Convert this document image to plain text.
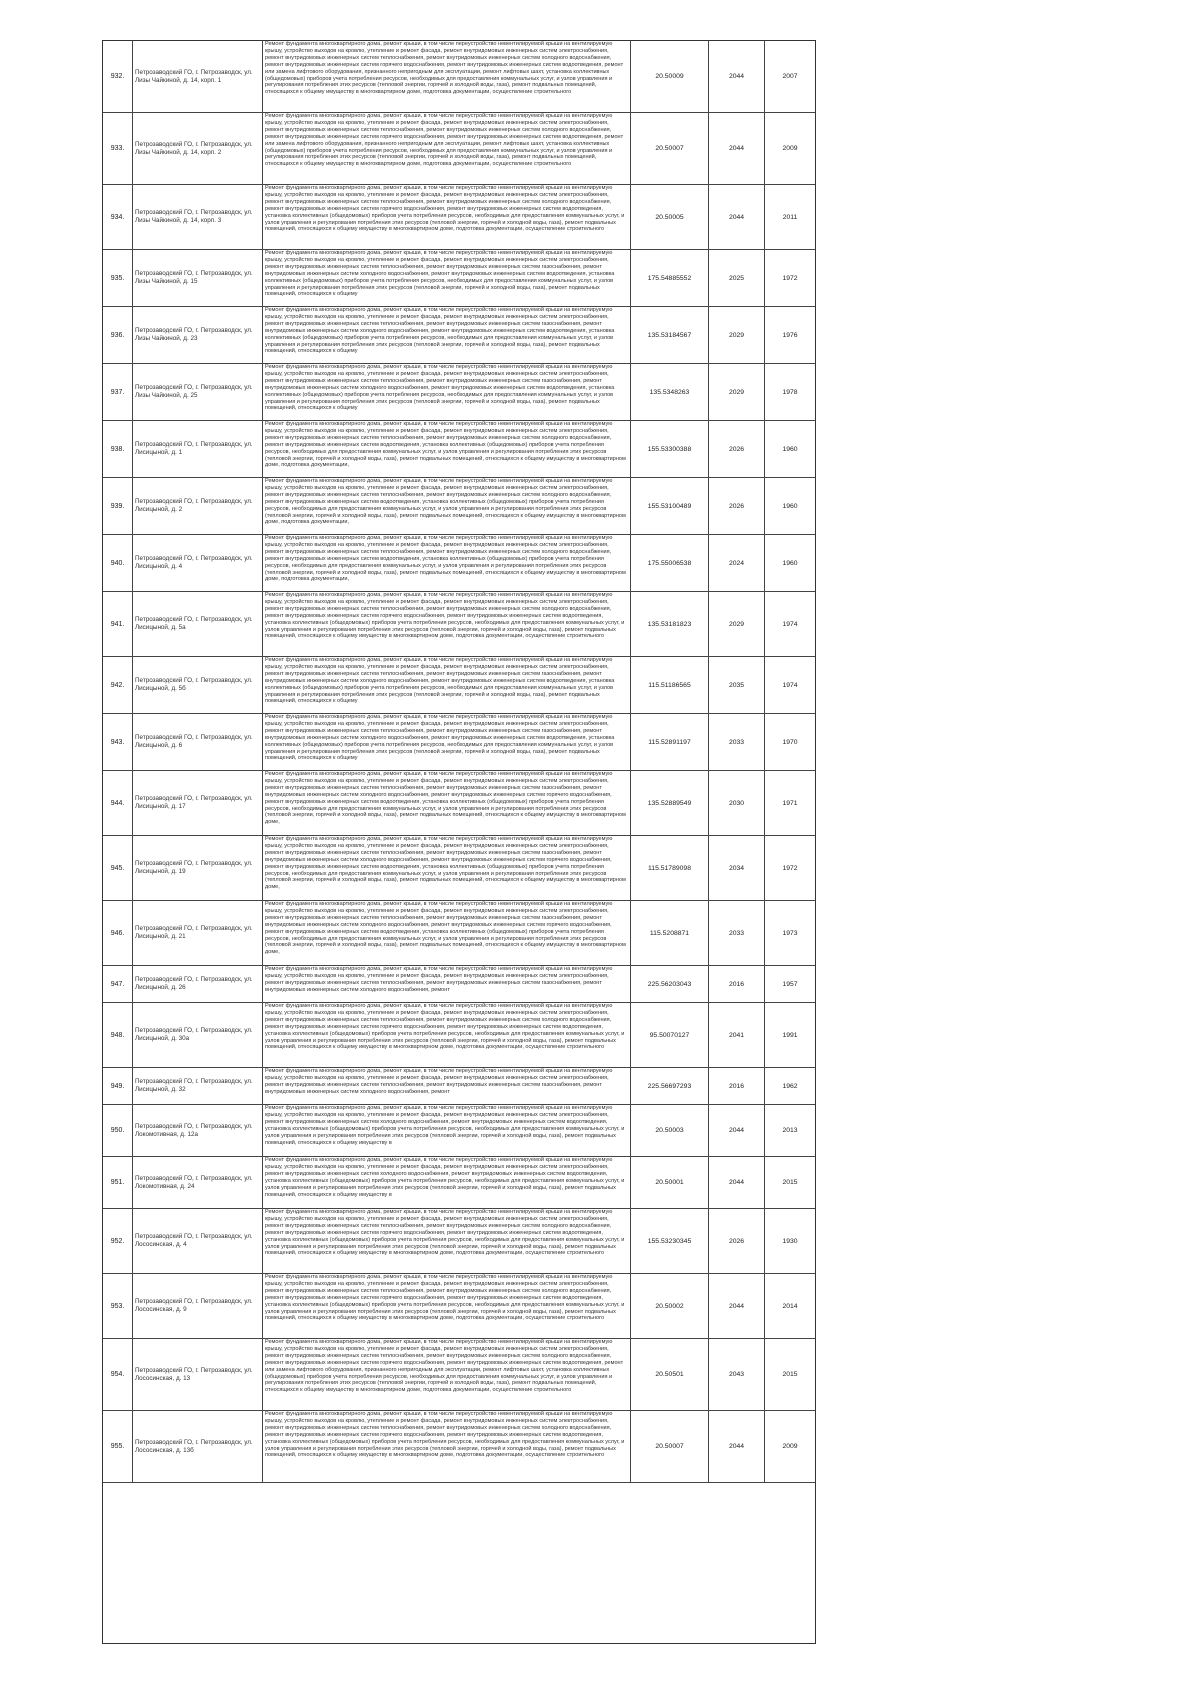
932.
Петрозаводский ГО, г. Петрозаводск, ул. Лизы Чайкиной, д. 14, корп. 1
Ремонт фундамента многоквартирного дома, ремонт крыши, в том числе переустройство невентилируемой крыши на вентилируемую крышу, устройство выходов на кровлю, утепление и ремонт фасада, ремонт внутридомовых инженерных систем электроснабжения, ремонт внутридомовых инженерных систем теплоснабжения, ремонт внутридомовых инженерных систем холодного водоснабжения, ремонт внутридомовых инженерных систем горячего водоснабжения, ремонт внутридомовых инженерных систем водоотведения, ремонт или замена лифтового оборудования, признанного непригодным для эксплуатации, ремонт лифтовых шахт, установка коллективных (общедомовых) приборов учета потребления ресурсов, необходимых для предоставления коммунальных услуг, и узлов управления и регулирования потребления этих ресурсов (тепловой энергии, горячей и холодной воды, газа), ремонт подвальных помещений, относящихся к общему имуществу в многоквартирном доме, подготовка документации, осуществление строительного
20.50009	2044	2007
933.
Петрозаводский ГО, г. Петрозаводск, ул. Лизы Чайкиной, д. 14, корп. 2
Ремонт фундамента многоквартирного дома, ремонт крыши, в том числе переустройство невентилируемой крыши на вентилируемую крышу, устройство выходов на кровлю, утепление и ремонт фасада, ремонт внутридомовых инженерных систем электроснабжения, ремонт внутридомовых инженерных систем теплоснабжения, ремонт внутридомовых инженерных систем холодного водоснабжения, ремонт внутридомовых инженерных систем горячего водоснабжения, ремонт внутридомовых инженерных систем водоотведения, ремонт или замена лифтового оборудования, признанного непригодным для эксплуатации, ремонт лифтовых шахт, установка коллективных (общедомовых) приборов учета потребления ресурсов, необходимых для предоставления коммунальных услуг, и узлов управления и регулирования потребления этих ресурсов (тепловой энергии, горячей и холодной воды, газа), ремонт подвальных помещений, относящихся к общему имуществу в многоквартирном доме, подготовка документации, осуществление строительного
20.50007	2044	2009
934.
Петрозаводский ГО, г. Петрозаводск, ул. Лизы Чайкиной, д. 14, корп. 3
Ремонт фундамента многоквартирного дома, ремонт крыши, в том числе переустройство невентилируемой крыши на вентилируемую крышу, устройство выходов на кровлю, утепление и ремонт фасада, ремонт внутридомовых инженерных систем электроснабжения, ремонт внутридомовых инженерных систем теплоснабжения, ремонт внутридомовых инженерных систем холодного водоснабжения, ремонт внутридомовых инженерных систем горячего водоснабжения, ремонт внутридомовых инженерных систем водоотведения, установка коллективных (общедомовых) приборов учета потребления ресурсов, необходимых для предоставления коммунальных услуг, и узлов управления и регулирования потребления этих ресурсов (тепловой энергии, горячей и холодной воды, газа), ремонт подвальных помещений, относящихся к общему имуществу в многоквартирном доме, подготовка документации, осуществление строительного
20.50005	2044	2011
935.
Петрозаводский ГО, г. Петрозаводск, ул. Лизы Чайкиной, д. 15
Ремонт фундамента многоквартирного дома, ремонт крыши, в том числе переустройство невентилируемой крыши на вентилируемую крышу, устройство выходов на кровлю, утепление и ремонт фасада, ремонт внутридомовых инженерных систем электроснабжения, ремонт внутридомовых инженерных систем теплоснабжения, ремонт внутридомовых инженерных систем газоснабжения, ремонт внутридомовых инженерных систем холодного водоснабжения, ремонт внутридомовых инженерных систем водоотведения, установка коллективных (общедомовых) приборов учета потребления ресурсов, необходимых для предоставления коммунальных услуг, и узлов управления и регулирования потребления этих ресурсов (тепловой энергии, горячей и холодной воды, газа), ремонт подвальных помещений, относящихся к общему
175.54885552	2025	1972
936.
Петрозаводский ГО, г. Петрозаводск, ул. Лизы Чайкиной, д. 23
Ремонт фундамента многоквартирного дома, ремонт крыши, в том числе переустройство невентилируемой крыши на вентилируемую крышу, устройство выходов на кровлю, утепление и ремонт фасада, ремонт внутридомовых инженерных систем электроснабжения, ремонт внутридомовых инженерных систем теплоснабжения, ремонт внутридомовых инженерных систем газоснабжения, ремонт внутридомовых инженерных систем холодного водоснабжения, ремонт внутридомовых инженерных систем водоотведения, установка коллективных (общедомовых) приборов учета потребления ресурсов, необходимых для предоставления коммунальных услуг, и узлов управления и регулирования потребления этих ресурсов (тепловой энергии, горячей и холодной воды, газа), ремонт подвальных помещений, относящихся к общему
135.53184567	2029	1976
937.
Петрозаводский ГО, г. Петрозаводск, ул. Лизы Чайкиной, д. 25
Ремонт фундамента многоквартирного дома, ремонт крыши, в том числе переустройство невентилируемой крыши на вентилируемую крышу, устройство выходов на кровлю, утепление и ремонт фасада, ремонт внутридомовых инженерных систем электроснабжения, ремонт внутридомовых инженерных систем теплоснабжения, ремонт внутридомовых инженерных систем газоснабжения, ремонт внутридомовых инженерных систем холодного водоснабжения, ремонт внутридомовых инженерных систем водоотведения, установка коллективных (общедомовых) приборов учета потребления ресурсов, необходимых для предоставления коммунальных услуг, и узлов управления и регулирования потребления этих ресурсов (тепловой энергии, горячей и холодной воды, газа), ремонт подвальных помещений, относящихся к общему
135.5348263	2029	1978
938.
Петрозаводский ГО, г. Петрозаводск, ул. Лисицыной, д. 1
Ремонт фундамента многоквартирного дома, ремонт крыши, в том числе переустройство невентилируемой крыши на вентилируемую крышу, устройство выходов на кровлю, утепление и ремонт фасада, ремонт внутридомовых инженерных систем электроснабжения, ремонт внутридомовых инженерных систем теплоснабжения, ремонт внутридомовых инженерных систем холодного водоснабжения, ремонт внутридомовых инженерных систем водоотведения, установка коллективных (общедомовых) приборов учета потребления ресурсов, необходимых для предоставления коммунальных услуг, и узлов управления и регулирования потребления этих ресурсов (тепловой энергии, горячей и холодной воды, газа), ремонт подвальных помещений, относящихся к общему имуществу в многоквартирном доме, подготовка документации,
155.53300388	2026	1960
939.
Петрозаводский ГО, г. Петрозаводск, ул. Лисицыной, д. 2
Ремонт фундамента многоквартирного дома, ремонт крыши, в том числе переустройство невентилируемой крыши на вентилируемую крышу, устройство выходов на кровлю, утепление и ремонт фасада, ремонт внутридомовых инженерных систем электроснабжения, ремонт внутридомовых инженерных систем теплоснабжения, ремонт внутридомовых инженерных систем холодного водоснабжения, ремонт внутридомовых инженерных систем водоотведения, установка коллективных (общедомовых) приборов учета потребления ресурсов, необходимых для предоставления коммунальных услуг, и узлов управления и регулирования потребления этих ресурсов (тепловой энергии, горячей и холодной воды, газа), ремонт подвальных помещений, относящихся к общему имуществу в многоквартирном доме, подготовка документации,
155.53100489	2026	1960
940.
Петрозаводский ГО, г. Петрозаводск, ул. Лисицыной, д. 4
Ремонт фундамента многоквартирного дома, ремонт крыши, в том числе переустройство невентилируемой крыши на вентилируемую крышу, устройство выходов на кровлю, утепление и ремонт фасада, ремонт внутридомовых инженерных систем электроснабжения, ремонт внутридомовых инженерных систем теплоснабжения, ремонт внутридомовых инженерных систем холодного водоснабжения, ремонт внутридомовых инженерных систем водоотведения, установка коллективных (общедомовых) приборов учета потребления ресурсов, необходимых для предоставления коммунальных услуг, и узлов управления и регулирования потребления этих ресурсов (тепловой энергии, горячей и холодной воды, газа), ремонт подвальных помещений, относящихся к общему имуществу в многоквартирном доме, подготовка документации,
175.55006538	2024	1960
941.
Петрозаводский ГО, г. Петрозаводск, ул. Лисицыной, д. 5а
Ремонт фундамента многоквартирного дома, ремонт крыши, в том числе переустройство невентилируемой крыши на вентилируемую крышу, устройство выходов на кровлю, утепление и ремонт фасада, ремонт внутридомовых инженерных систем электроснабжения, ремонт внутридомовых инженерных систем теплоснабжения, ремонт внутридомовых инженерных систем холодного водоснабжения, ремонт внутридомовых инженерных систем горячего водоснабжения, ремонт внутридомовых инженерных систем водоотведения, установка коллективных (общедомовых) приборов учета потребления ресурсов, необходимых для предоставления коммунальных услуг, и узлов управления и регулирования потребления этих ресурсов (тепловой энергии, горячей и холодной воды, газа), ремонт подвальных помещений, относящихся к общему имуществу в многоквартирном доме, подготовка документации, осуществление строительного
135.53181823	2029	1974
942.
Петрозаводский ГО, г. Петрозаводск, ул. Лисицыной, д. 5б
Ремонт фундамента многоквартирного дома, ремонт крыши, в том числе переустройство невентилируемой крыши на вентилируемую крышу, устройство выходов на кровлю, утепление и ремонт фасада, ремонт внутридомовых инженерных систем электроснабжения, ремонт внутридомовых инженерных систем теплоснабжения, ремонт внутридомовых инженерных систем газоснабжения, ремонт внутридомовых инженерных систем холодного водоснабжения, ремонт внутридомовых инженерных систем водоотведения, установка коллективных (общедомовых) приборов учета потребления ресурсов, необходимых для предоставления коммунальных услуг, и узлов управления и регулирования потребления этих ресурсов (тепловой энергии, горячей и холодной воды, газа), ремонт подвальных помещений, относящихся к общему
115.51186565	2035	1974
943.
Петрозаводский ГО, г. Петрозаводск, ул. Лисицыной, д. 6
Ремонт фундамента многоквартирного дома, ремонт крыши, в том числе переустройство невентилируемой крыши на вентилируемую крышу, устройство выходов на кровлю, утепление и ремонт фасада, ремонт внутридомовых инженерных систем электроснабжения, ремонт внутридомовых инженерных систем теплоснабжения, ремонт внутридомовых инженерных систем газоснабжения, ремонт внутридомовых инженерных систем холодного водоснабжения, ремонт внутридомовых инженерных систем водоотведения, установка коллективных (общедомовых) приборов учета потребления ресурсов, необходимых для предоставления коммунальных услуг, и узлов управления и регулирования потребления этих ресурсов (тепловой энергии, горячей и холодной воды, газа), ремонт подвальных помещений, относящихся к общему
115.52891197	2033	1970
944.
Петрозаводский ГО, г. Петрозаводск, ул. Лисицыной, д. 17
Ремонт фундамента многоквартирного дома, ремонт крыши, в том числе переустройство невентилируемой крыши на вентилируемую крышу, устройство выходов на кровлю, утепление и ремонт фасада, ремонт внутридомовых инженерных систем электроснабжения, ремонт внутридомовых инженерных систем теплоснабжения, ремонт внутридомовых инженерных систем газоснабжения, ремонт внутридомовых инженерных систем холодного водоснабжения, ремонт внутридомовых инженерных систем горячего водоснабжения, ремонт внутридомовых инженерных систем водоотведения, установка коллективных (общедомовых) приборов учета потребления ресурсов, необходимых для предоставления коммунальных услуг, и узлов управления и регулирования потребления этих ресурсов (тепловой энергии, горячей и холодной воды, газа), ремонт подвальных помещений, относящихся к общему имуществу в многоквартирном доме,
135.52889549	2030	1971
945.
Петрозаводский ГО, г. Петрозаводск, ул. Лисицыной, д. 19
Ремонт фундамента многоквартирного дома, ремонт крыши, в том числе переустройство невентилируемой крыши на вентилируемую крышу, устройство выходов на кровлю, утепление и ремонт фасада, ремонт внутридомовых инженерных систем электроснабжения, ремонт внутридомовых инженерных систем теплоснабжения, ремонт внутридомовых инженерных систем газоснабжения, ремонт внутридомовых инженерных систем холодного водоснабжения, ремонт внутридомовых инженерных систем горячего водоснабжения, ремонт внутридомовых инженерных систем водоотведения, установка коллективных (общедомовых) приборов учета потребления ресурсов, необходимых для предоставления коммунальных услуг, и узлов управления и регулирования потребления этих ресурсов (тепловой энергии, горячей и холодной воды, газа), ремонт подвальных помещений, относящихся к общему имуществу в многоквартирном доме,
115.51789098	2034	1972
946.
Петрозаводский ГО, г. Петрозаводск, ул. Лисицыной, д. 21
Ремонт фундамента многоквартирного дома, ремонт крыши, в том числе переустройство невентилируемой крыши на вентилируемую крышу, устройство выходов на кровлю, утепление и ремонт фасада, ремонт внутридомовых инженерных систем электроснабжения, ремонт внутридомовых инженерных систем теплоснабжения, ремонт внутридомовых инженерных систем газоснабжения, ремонт внутридомовых инженерных систем холодного водоснабжения, ремонт внутридомовых инженерных систем горячего водоснабжения, ремонт внутридомовых инженерных систем водоотведения, установка коллективных (общедомовых) приборов учета потребления ресурсов, необходимых для предоставления коммунальных услуг, и узлов управления и регулирования потребления этих ресурсов (тепловой энергии, горячей и холодной воды, газа), ремонт подвальных помещений, относящихся к общему имуществу в многоквартирном доме,
115.5208871	2033	1973
947.
Петрозаводский ГО, г. Петрозаводск, ул. Лисицыной, д. 26
Ремонт фундамента многоквартирного дома, ремонт крыши, в том числе переустройство невентилируемой крыши на вентилируемую крышу, устройство выходов на кровлю, утепление и ремонт фасада, ремонт внутридомовых инженерных систем электроснабжения, ремонт внутридомовых инженерных систем теплоснабжения, ремонт внутридомовых инженерных систем газоснабжения, ремонт внутридомовых инженерных систем холодного водоснабжения, ремонт
225.56203043	2016	1957
948.
Петрозаводский ГО, г. Петрозаводск, ул. Лисицыной, д. 30а
Ремонт фундамента многоквартирного дома, ремонт крыши, в том числе переустройство невентилируемой крыши на вентилируемую крышу, устройство выходов на кровлю, утепление и ремонт фасада, ремонт внутридомовых инженерных систем электроснабжения, ремонт внутридомовых инженерных систем теплоснабжения, ремонт внутридомовых инженерных систем холодного водоснабжения, ремонт внутридомовых инженерных систем горячего водоснабжения, ремонт внутридомовых инженерных систем водоотведения, установка коллективных (общедомовых) приборов учета потребления ресурсов, необходимых для предоставления коммунальных услуг, и узлов управления и регулирования потребления этих ресурсов (тепловой энергии, горячей и холодной воды, газа), ремонт подвальных помещений, относящихся к общему имуществу в многоквартирном доме, подготовка документации, осуществление строительного
95.50070127	2041	1991
949.
Петрозаводский ГО, г. Петрозаводск, ул. Лисицыной, д. 32
Ремонт фундамента многоквартирного дома, ремонт крыши, в том числе переустройство невентилируемой крыши на вентилируемую крышу, устройство выходов на кровлю, утепление и ремонт фасада, ремонт внутридомовых инженерных систем электроснабжения, ремонт внутридомовых инженерных систем теплоснабжения, ремонт внутридомовых инженерных систем газоснабжения, ремонт внутридомовых инженерных систем холодного водоснабжения, ремонт
225.56697293	2016	1962
950.
Петрозаводский ГО, г. Петрозаводск, ул. Локомотивная, д. 12а
Ремонт фундамента многоквартирного дома, ремонт крыши, в том числе переустройство невентилируемой крыши на вентилируемую крышу, устройство выходов на кровлю, утепление и ремонт фасада, ремонт внутридомовых инженерных систем электроснабжения, ремонт внутридомовых инженерных систем холодного водоснабжения, ремонт внутридомовых инженерных систем водоотведения, установка коллективных (общедомовых) приборов учета потребления ресурсов, необходимых для предоставления коммунальных услуг, и узлов управления и регулирования потребления этих ресурсов (тепловой энергии, горячей и холодной воды, газа), ремонт подвальных помещений, относящихся к общему имуществу в
20.50003	2044	2013
951.
Петрозаводский ГО, г. Петрозаводск, ул. Локомотивная, д. 24
Ремонт фундамента многоквартирного дома, ремонт крыши, в том числе переустройство невентилируемой крыши на вентилируемую крышу, устройство выходов на кровлю, утепление и ремонт фасада, ремонт внутридомовых инженерных систем электроснабжения, ремонт внутридомовых инженерных систем холодного водоснабжения, ремонт внутридомовых инженерных систем водоотведения, установка коллективных (общедомовых) приборов учета потребления ресурсов, необходимых для предоставления коммунальных услуг, и узлов управления и регулирования потребления этих ресурсов (тепловой энергии, горячей и холодной воды, газа), ремонт подвальных помещений, относящихся к общему имуществу в
20.50001	2044	2015
952.
Петрозаводский ГО, г. Петрозаводск, ул. Лососинская, д. 4
Ремонт фундамента многоквартирного дома, ремонт крыши, в том числе переустройство невентилируемой крыши на вентилируемую крышу, устройство выходов на кровлю, утепление и ремонт фасада, ремонт внутридомовых инженерных систем электроснабжения, ремонт внутридомовых инженерных систем теплоснабжения, ремонт внутридомовых инженерных систем холодного водоснабжения, ремонт внутридомовых инженерных систем горячего водоснабжения, ремонт внутридомовых инженерных систем водоотведения, установка коллективных (общедомовых) приборов учета потребления ресурсов, необходимых для предоставления коммунальных услуг, и узлов управления и регулирования потребления этих ресурсов (тепловой энергии, горячей и холодной воды, газа), ремонт подвальных помещений, относящихся к общему имуществу в многоквартирном доме, подготовка документации, осуществление строительного
155.53230345	2026	1930
953.
Петрозаводский ГО, г. Петрозаводск, ул. Лососинская, д. 9
Ремонт фундамента многоквартирного дома, ремонт крыши, в том числе переустройство невентилируемой крыши на вентилируемую крышу, устройство выходов на кровлю, утепление и ремонт фасада, ремонт внутридомовых инженерных систем электроснабжения, ремонт внутридомовых инженерных систем теплоснабжения, ремонт внутридомовых инженерных систем холодного водоснабжения, ремонт внутридомовых инженерных систем горячего водоснабжения, ремонт внутридомовых инженерных систем водоотведения, установка коллективных (общедомовых) приборов учета потребления ресурсов, необходимых для предоставления коммунальных услуг, и узлов управления и регулирования потребления этих ресурсов (тепловой энергии, горячей и холодной воды, газа), ремонт подвальных помещений, относящихся к общему имуществу в многоквартирном доме, подготовка документации, осуществление строительного
20.50002	2044	2014
954.
Петрозаводский ГО, г. Петрозаводск, ул. Лососинская, д. 13
Ремонт фундамента многоквартирного дома, ремонт крыши, в том числе переустройство невентилируемой крыши на вентилируемую крышу, устройство выходов на кровлю, утепление и ремонт фасада, ремонт внутридомовых инженерных систем электроснабжения, ремонт внутридомовых инженерных систем теплоснабжения, ремонт внутридомовых инженерных систем холодного водоснабжения, ремонт внутридомовых инженерных систем горячего водоснабжения, ремонт внутридомовых инженерных систем водоотведения, ремонт или замена лифтового оборудования, признанного непригодным для эксплуатации, ремонт лифтовых шахт, установка коллективных (общедомовых) приборов учета потребления ресурсов, необходимых для предоставления коммунальных услуг, и узлов управления и регулирования потребления этих ресурсов (тепловой энергии, горячей и холодной воды, газа), ремонт подвальных помещений, относящихся к общему имуществу в многоквартирном доме, подготовка документации, осуществление строительного
20.50501	2043	2015
955.
Петрозаводский ГО, г. Петрозаводск, ул. Лососинская, д. 13б
Ремонт фундамента многоквартирного дома, ремонт крыши, в том числе переустройство невентилируемой крыши на вентилируемую крышу, устройство выходов на кровлю, утепление и ремонт фасада, ремонт внутридомовых инженерных систем электроснабжения, ремонт внутридомовых инженерных систем теплоснабжения, ремонт внутридомовых инженерных систем холодного водоснабжения, ремонт внутридомовых инженерных систем горячего водоснабжения, ремонт внутридомовых инженерных систем водоотведения, установка коллективных (общедомовых) приборов учета потребления ресурсов, необходимых для предоставления коммунальных услуг, и узлов управления и регулирования потребления этих ресурсов (тепловой энергии, горячей и холодной воды, газа), ремонт подвальных помещений, относящихся к общему имуществу в многоквартирном доме, подготовка документации, осуществление строительного
20.50007	2044	2009
